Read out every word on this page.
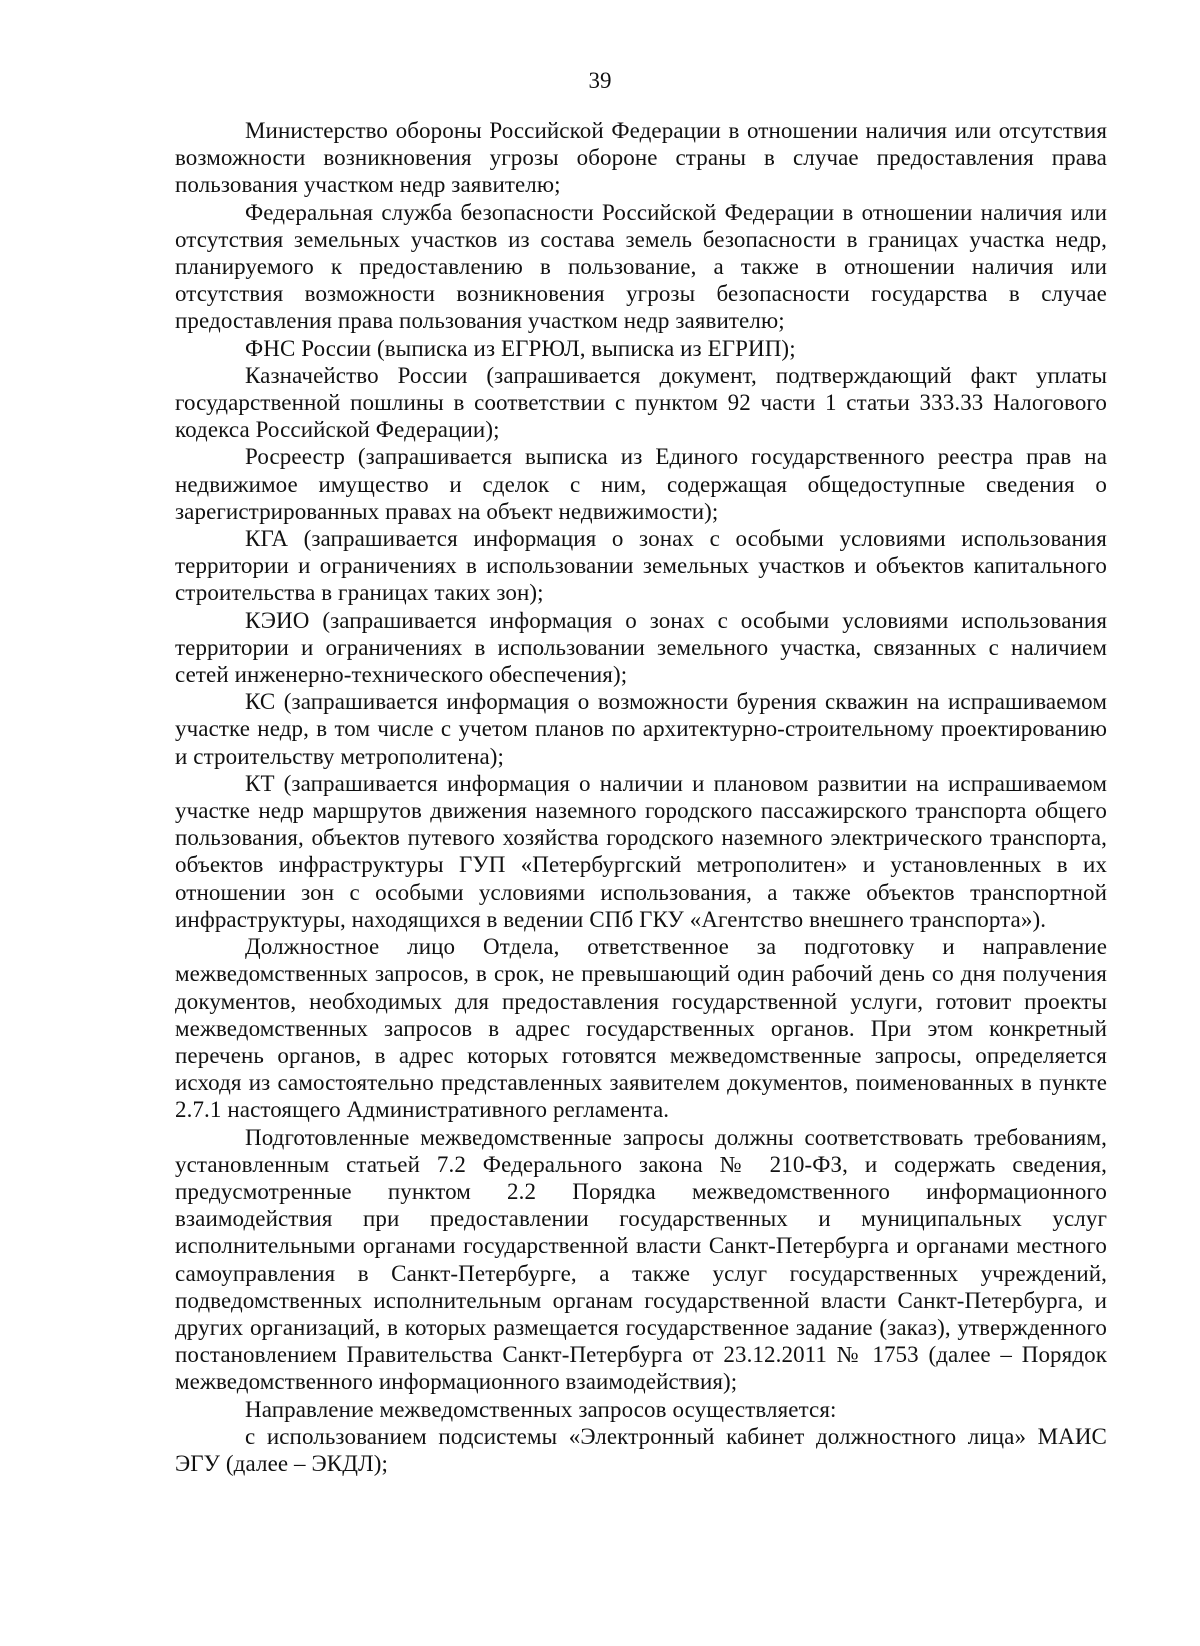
39

Министерство обороны Российской Федерации в отношении наличия или отсутствия возможности возникновения угрозы обороне страны в случае предоставления права пользования участком недр заявителю;

Федеральная служба безопасности Российской Федерации в отношении наличия или отсутствия земельных участков из состава земель безопасности в границах участка недр, планируемого к предоставлению в пользование, а также в отношении наличия или отсутствия возможности возникновения угрозы безопасности государства в случае предоставления права пользования участком недр заявителю;

ФНС России (выписка из ЕГРЮЛ, выписка из ЕГРИП);

Казначейство России (запрашивается документ, подтверждающий факт уплаты государственной пошлины в соответствии с пунктом 92 части 1 статьи 333.33 Налогового кодекса Российской Федерации);

Росреестр (запрашивается выписка из Единого государственного реестра прав на недвижимое имущество и сделок с ним, содержащая общедоступные сведения о зарегистрированных правах на объект недвижимости);

КГА (запрашивается информация о зонах с особыми условиями использования территории и ограничениях в использовании земельных участков и объектов капитального строительства в границах таких зон);

КЭИО (запрашивается информация о зонах с особыми условиями использования территории и ограничениях в использовании земельного участка, связанных с наличием сетей инженерно-технического обеспечения);

КС (запрашивается информация о возможности бурения скважин на испрашиваемом участке недр, в том числе с учетом планов по архитектурно-строительному проектированию и строительству метрополитена);

КТ (запрашивается информация о наличии и плановом развитии на испрашиваемом участке недр маршрутов движения наземного городского пассажирского транспорта общего пользования, объектов путевого хозяйства городского наземного электрического транспорта, объектов инфраструктуры ГУП «Петербургский метрополитен» и установленных в их отношении зон с особыми условиями использования, а также объектов транспортной инфраструктуры, находящихся в ведении СПб ГКУ «Агентство внешнего транспорта»).

Должностное лицо Отдела, ответственное за подготовку и направление межведомственных запросов, в срок, не превышающий один рабочий день со дня получения документов, необходимых для предоставления государственной услуги, готовит проекты межведомственных запросов в адрес государственных органов. При этом конкретный перечень органов, в адрес которых готовятся межведомственные запросы, определяется исходя из самостоятельно представленных заявителем документов, поименованных в пункте 2.7.1 настоящего Административного регламента.

Подготовленные межведомственные запросы должны соответствовать требованиям, установленным статьей 7.2 Федерального закона № 210-ФЗ, и содержать сведения, предусмотренные пунктом 2.2 Порядка межведомственного информационного взаимодействия при предоставлении государственных и муниципальных услуг исполнительными органами государственной власти Санкт-Петербурга и органами местного самоуправления в Санкт-Петербурге, а также услуг государственных учреждений, подведомственных исполнительным органам государственной власти Санкт-Петербурга, и других организаций, в которых размещается государственное задание (заказ), утвержденного постановлением Правительства Санкт-Петербурга от 23.12.2011 № 1753 (далее – Порядок межведомственного информационного взаимодействия);

Направление межведомственных запросов осуществляется:

с использованием подсистемы «Электронный кабинет должностного лица» МАИС ЭГУ (далее – ЭКДЛ);
